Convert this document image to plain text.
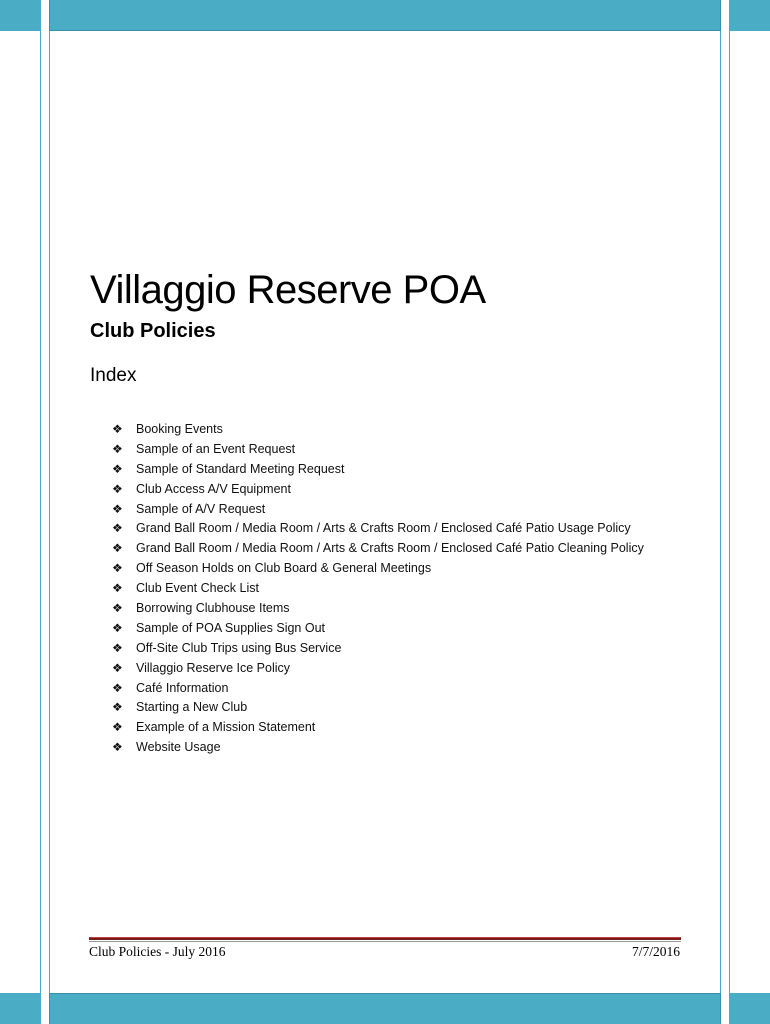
Villaggio Reserve POA
Club Policies
Index
❖	Booking Events
❖	Sample of an Event Request
❖	Sample of Standard Meeting Request
❖	Club Access A/V Equipment
❖	Sample of A/V Request
❖	Grand Ball Room / Media Room / Arts & Crafts Room / Enclosed Café Patio Usage Policy
❖	Grand Ball Room / Media Room / Arts & Crafts Room / Enclosed Café Patio Cleaning Policy
❖	Off Season Holds on Club Board & General Meetings
❖	Club Event Check List
❖	Borrowing Clubhouse Items
❖	Sample of POA Supplies Sign Out
❖	Off-Site Club Trips using Bus Service
❖	Villaggio Reserve Ice Policy
❖	Café Information
❖	Starting a New Club
❖	Example of a Mission Statement
❖	Website Usage
Club Policies - July 2016	7/7/2016
